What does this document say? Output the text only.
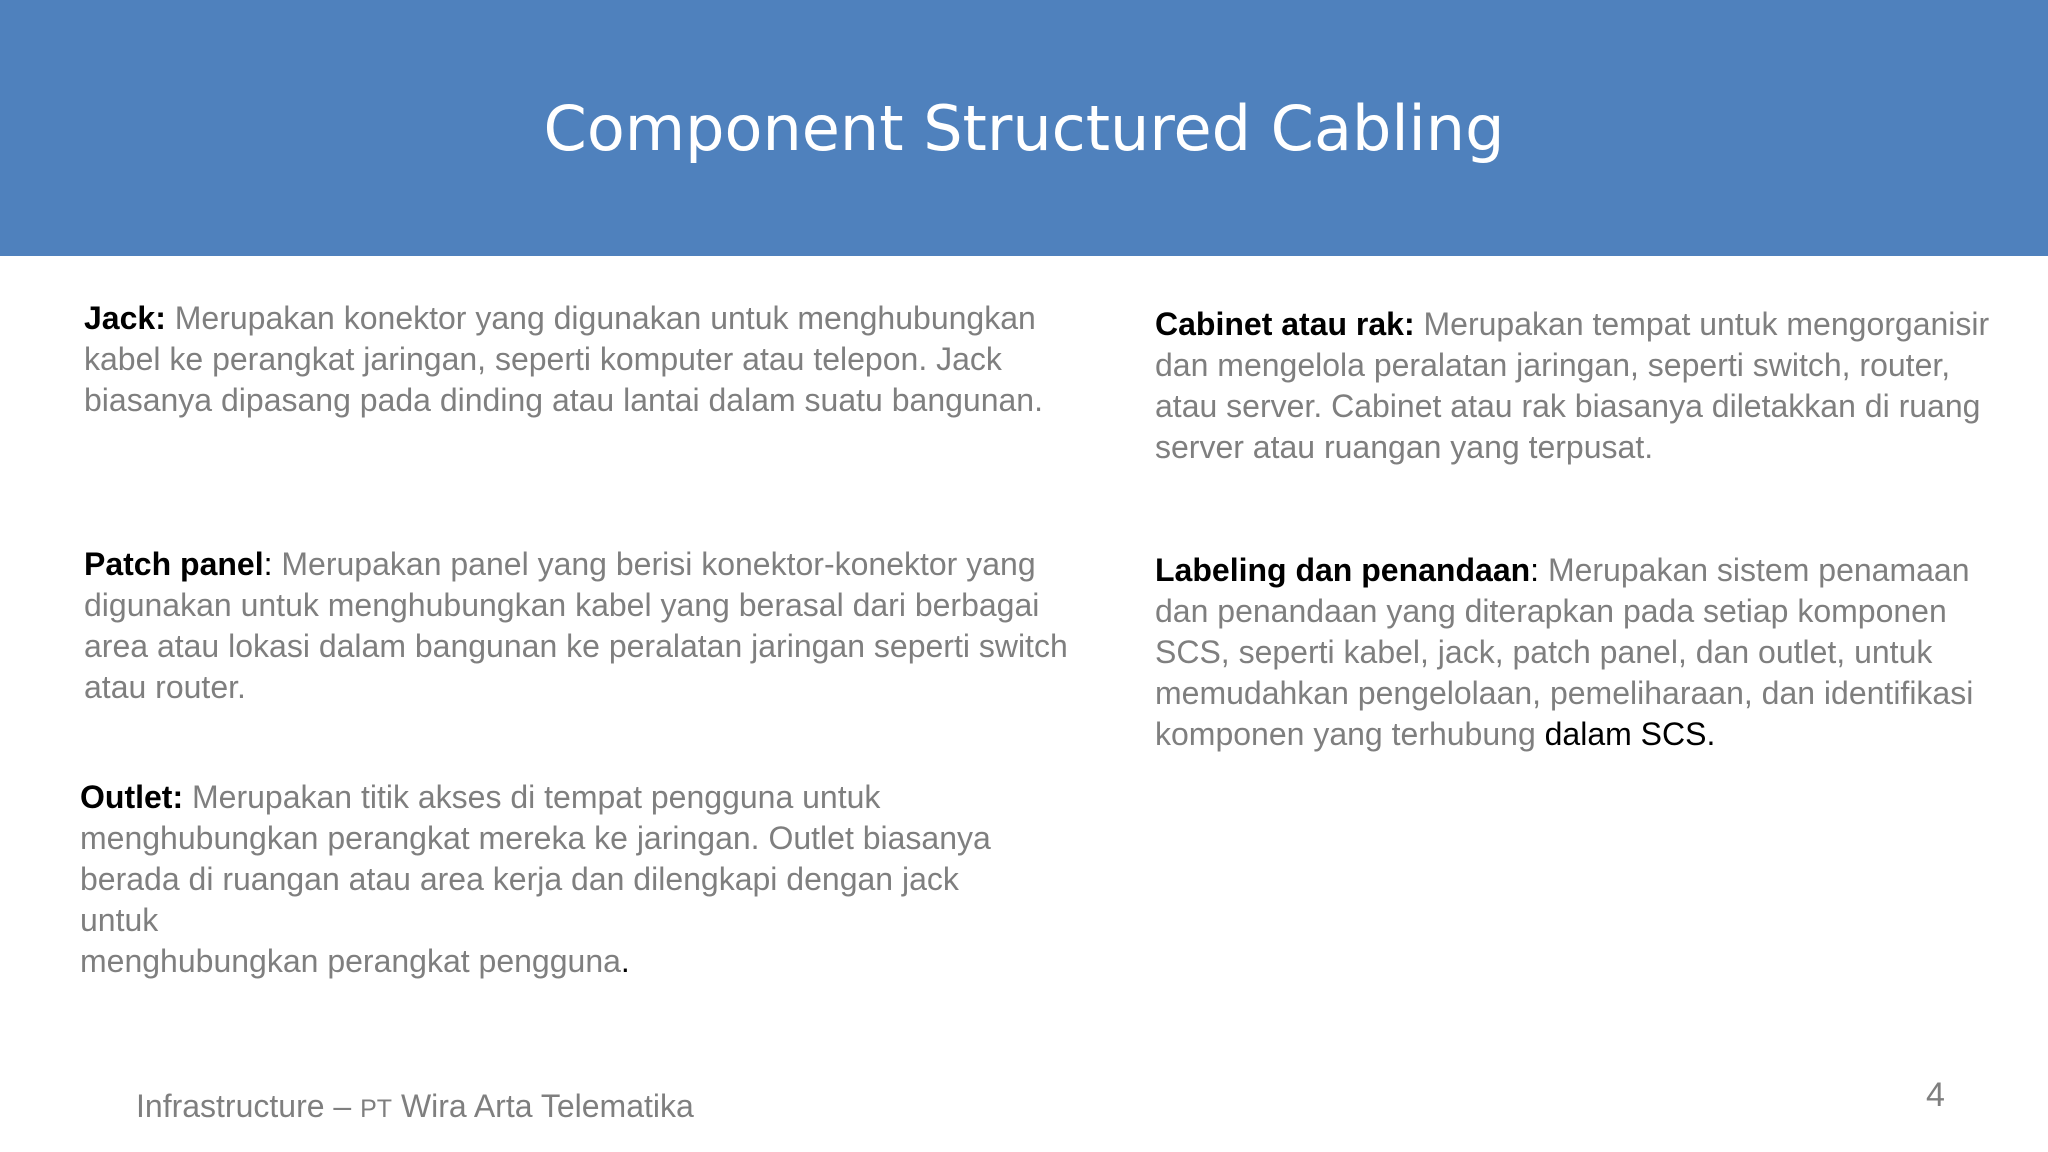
Component Structured Cabling

Jack: Merupakan konektor yang digunakan untuk menghubungkan kabel ke perangkat jaringan, seperti komputer atau telepon. Jack biasanya dipasang pada dinding atau lantai dalam suatu bangunan.

Patch panel: Merupakan panel yang berisi konektor-konektor yang digunakan untuk menghubungkan kabel yang berasal dari berbagai area atau lokasi dalam bangunan ke peralatan jaringan seperti switch atau router.

Outlet: Merupakan titik akses di tempat pengguna untuk menghubungkan perangkat mereka ke jaringan. Outlet biasanya berada di ruangan atau area kerja dan dilengkapi dengan jack
untuk
menghubungkan perangkat pengguna.

Cabinet atau rak: Merupakan tempat untuk mengorganisir dan mengelola peralatan jaringan, seperti switch, router, atau server. Cabinet atau rak biasanya diletakkan di ruang server atau ruangan yang terpusat.

Labeling dan penandaan: Merupakan sistem penamaan dan penandaan yang diterapkan pada setiap komponen SCS, seperti kabel, jack, patch panel, dan outlet, untuk memudahkan pengelolaan, pemeliharaan, dan identifikasi komponen yang terhubung dalam SCS.

Infrastructure – PT Wira Arta Telematika	4
